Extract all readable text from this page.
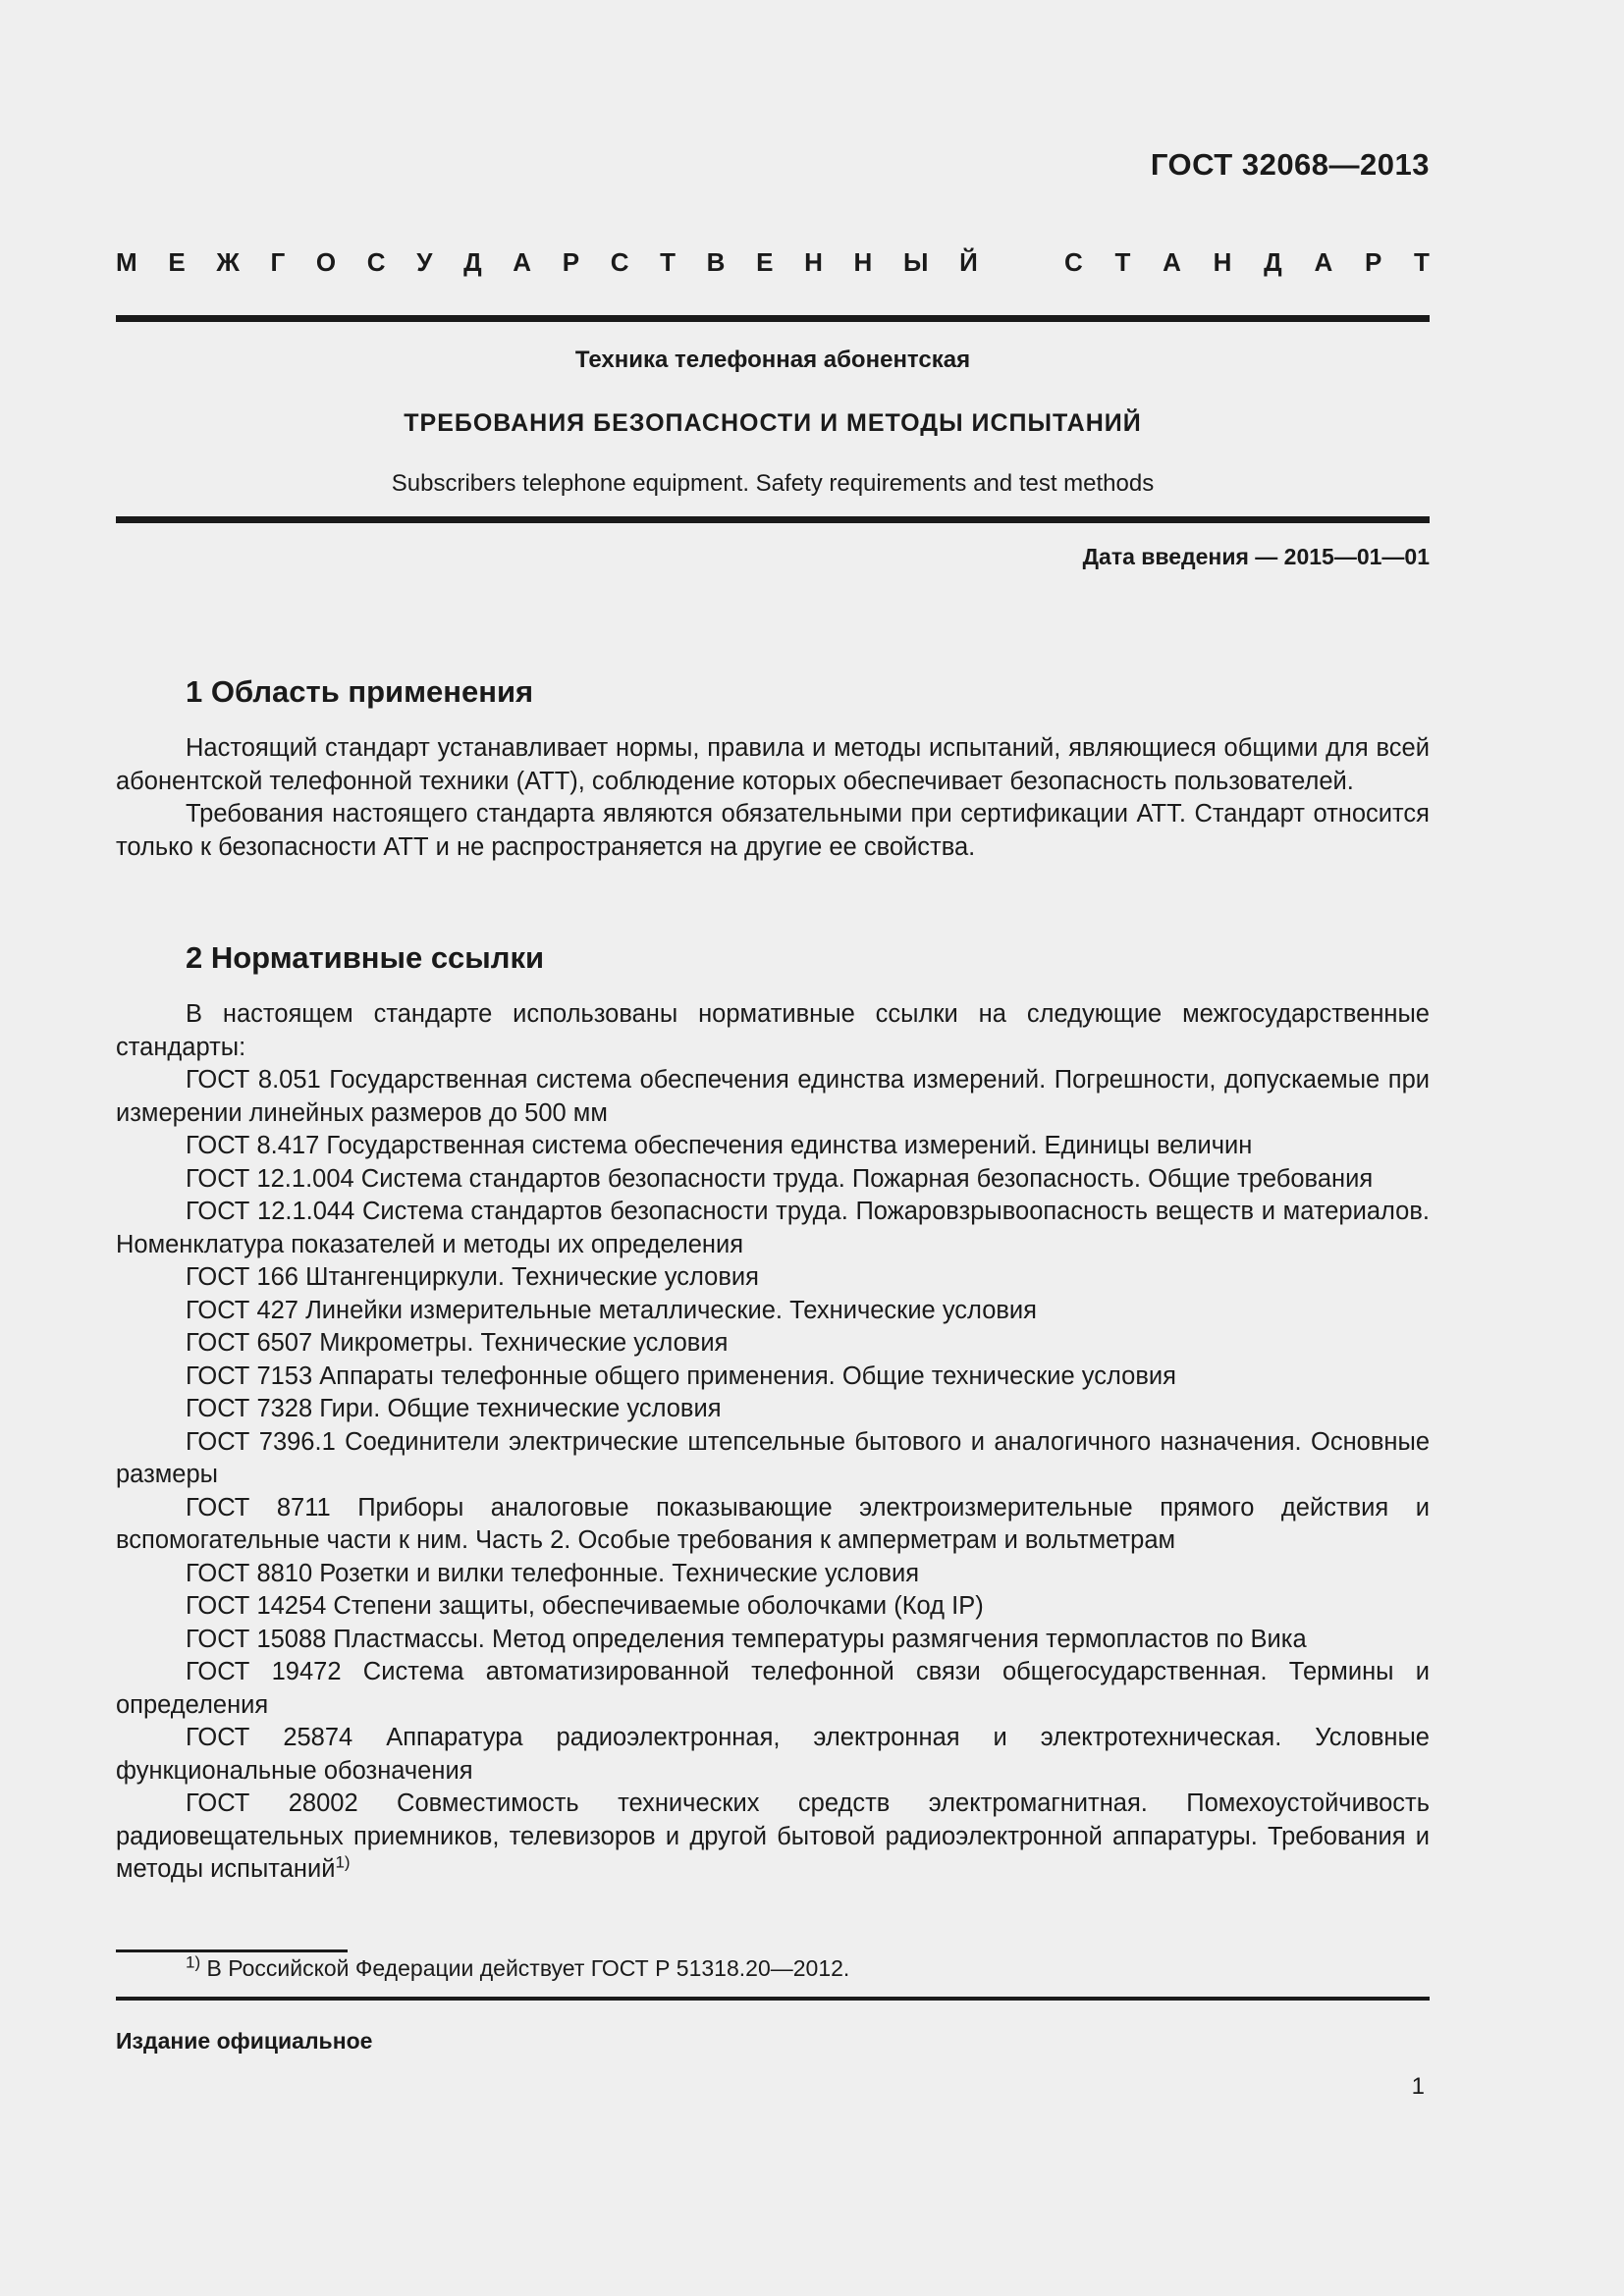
ГОСТ 32068—2013
М Е Ж Г О С У Д А Р С Т В Е Н Н Ы Й	С Т А Н Д А Р Т
Техника телефонная абонентская
ТРЕБОВАНИЯ БЕЗОПАСНОСТИ И МЕТОДЫ ИСПЫТАНИЙ
Subscribers telephone equipment. Safety requirements and test methods
Дата введения — 2015—01—01
1 Область применения

Настоящий стандарт устанавливает нормы, правила и методы испытаний, являющиеся общими для всей абонентской телефонной техники (АТТ), соблюдение которых обеспечивает безопасность пользователей.

Требования настоящего стандарта являются обязательными при сертификации АТТ. Стандарт относится только к безопасности АТТ и не распространяется на другие ее свойства.

2 Нормативные ссылки

В настоящем стандарте использованы нормативные ссылки на следующие межгосударственные стандарты:

ГОСТ 8.051 Государственная система обеспечения единства измерений. Погрешности, допускаемые при измерении линейных размеров до 500 мм

ГОСТ 8.417 Государственная система обеспечения единства измерений. Единицы величин

ГОСТ 12.1.004 Система стандартов безопасности труда. Пожарная безопасность. Общие требования

ГОСТ 12.1.044 Система стандартов безопасности труда. Пожаровзрывоопасность веществ и материалов. Номенклатура показателей и методы их определения

ГОСТ 166 Штангенциркули. Технические условия

ГОСТ 427 Линейки измерительные металлические. Технические условия

ГОСТ 6507 Микрометры. Технические условия

ГОСТ 7153 Аппараты телефонные общего применения. Общие технические условия

ГОСТ 7328 Гири. Общие технические условия

ГОСТ 7396.1 Соединители электрические штепсельные бытового и аналогичного назначения. Основные размеры

ГОСТ 8711 Приборы аналоговые показывающие электроизмерительные прямого действия и вспомогательные части к ним. Часть 2. Особые требования к амперметрам и вольтметрам

ГОСТ 8810 Розетки и вилки телефонные. Технические условия

ГОСТ 14254 Степени защиты, обеспечиваемые оболочками (Код IP)

ГОСТ 15088 Пластмассы. Метод определения температуры размягчения термопластов по Вика

ГОСТ 19472 Система автоматизированной телефонной связи общегосударственная. Термины и определения

ГОСТ 25874 Аппаратура радиоэлектронная, электронная и электротехническая. Условные функциональные обозначения

ГОСТ 28002 Совместимость технических средств электромагнитная. Помехоустойчивость радиовещательных приемников, телевизоров и другой бытовой радиоэлектронной аппаратуры. Требования и методы испытаний$^{1)}$

$^{1)}$ В Российской Федерации действует ГОСТ Р 51318.20—2012.
Издание официальное
1
